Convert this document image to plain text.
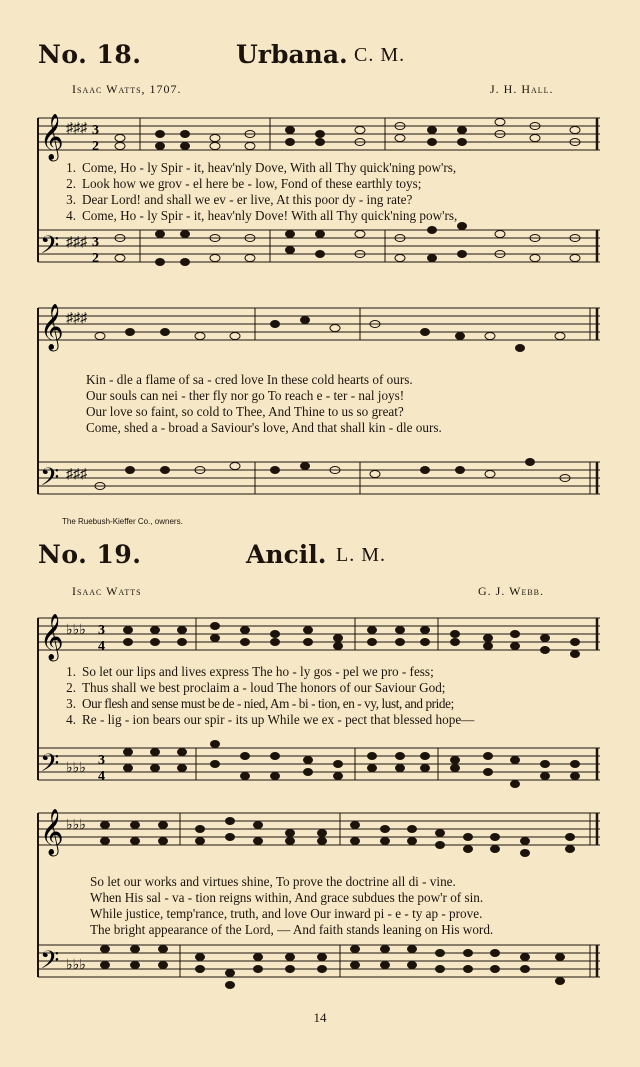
No. 18.	Urbana. C. M.
Isaac Watts, 1707.	J. H. Hall.
𝄞
𝄢
♯♯♯
♯♯♯
3
2
3
2
1. Come, Ho - ly Spir - it, heav'nly Dove, With all Thy quick'ning pow'rs,
2. Look how we grov - el here be - low, Fond of these earthly toys;
3. Dear Lord! and shall we ev - er live, At this poor dy - ing rate?
4. Come, Ho - ly Spir - it, heav'nly Dove! With all Thy quick'ning pow'rs,
𝄞
𝄢
♯♯♯
♯♯♯
Kin - dle a flame of sa - cred love In these cold hearts of ours.
Our souls can nei - ther fly nor go To reach e - ter - nal joys!
Our love so faint, so cold to Thee, And Thine to us so great?
Come, shed a - broad a Saviour's love, And that shall kin - dle ours.
The Ruebush-Kieffer Co., owners.
No. 19.	Ancil. L. M.
Isaac Watts	G. J. Webb.
𝄞
𝄢
♭♭♭
♭♭♭
3
4
3
4
1. So let our lips and lives express The ho - ly gos - pel we pro - fess;
2. Thus shall we best proclaim a - loud The honors of our Saviour God;
3. Our flesh and sense must be de - nied, Am - bi - tion, en - vy, lust, and pride;
4. Re - lig - ion bears our spir - its up While we ex - pect that blessed hope—
𝄞
𝄢
♭♭♭
♭♭♭
So let our works and virtues shine, To prove the doctrine all di - vine.
When His sal - va - tion reigns within, And grace subdues the pow'r of sin.
While justice, temp'rance, truth, and love Our inward pi - e - ty ap - prove.
The bright appearance of the Lord, — And faith stands leaning on His word.
14
